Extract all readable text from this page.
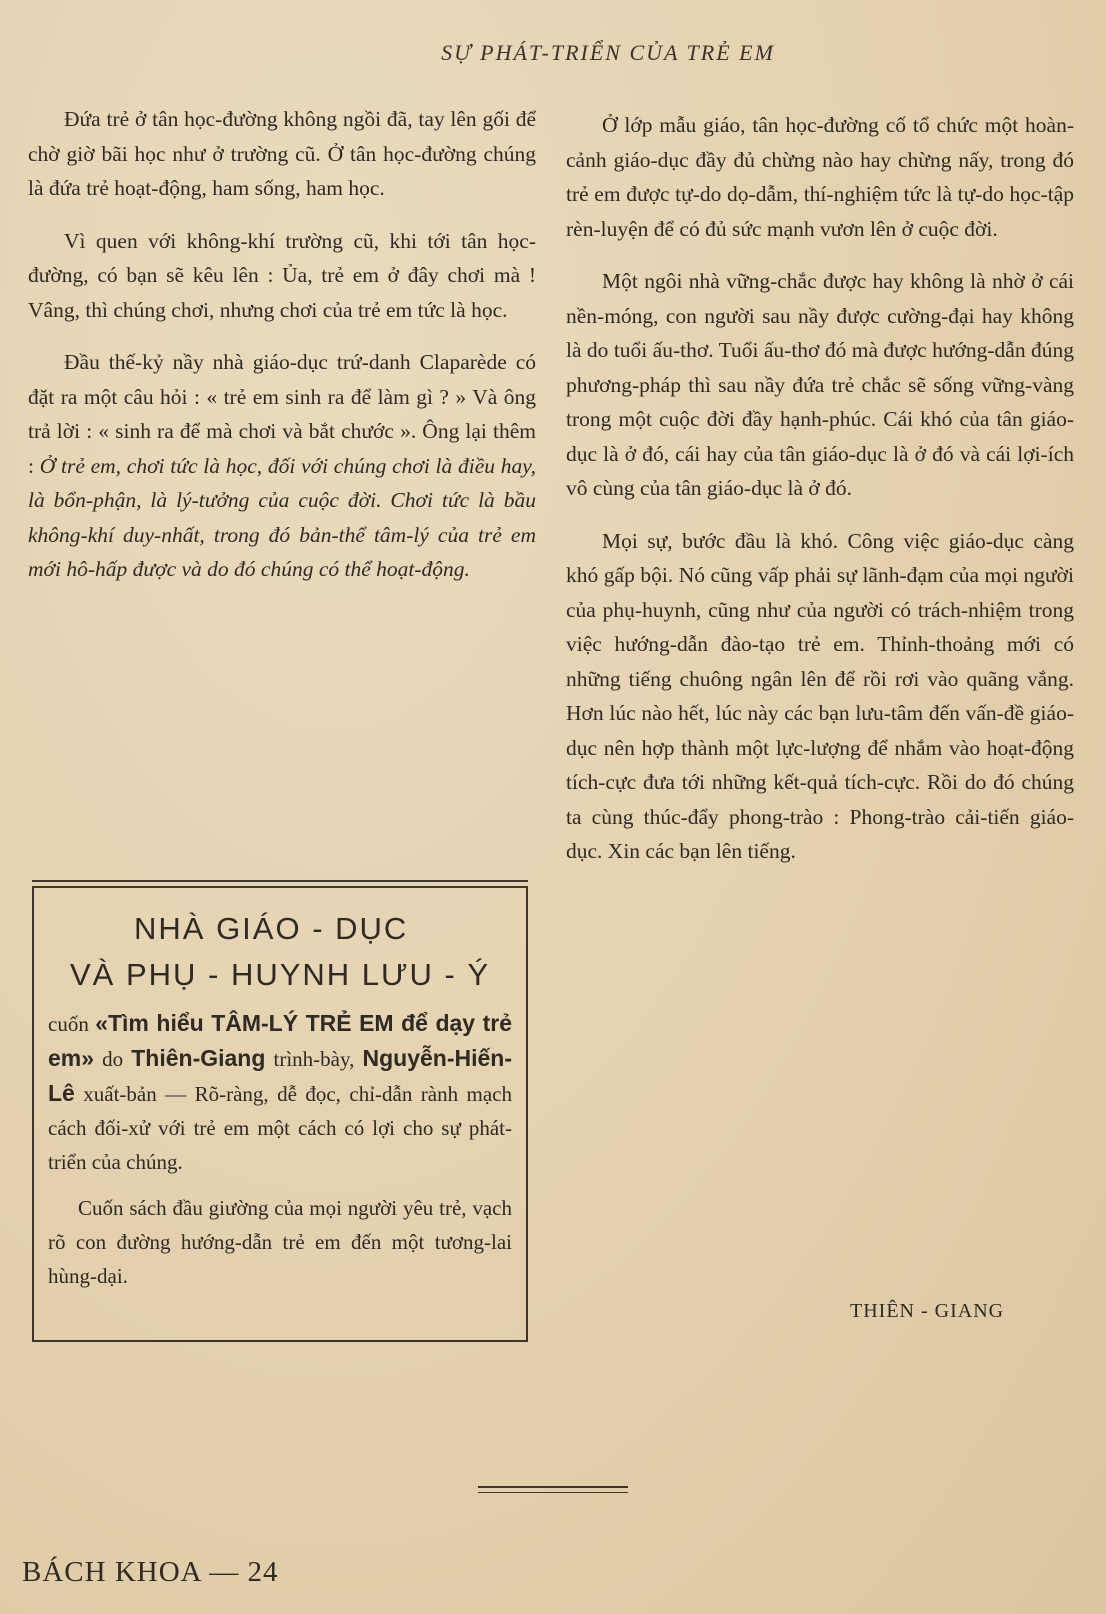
SỰ PHÁT-TRIỂN CỦA TRẺ EM

Đứa trẻ ở tân học-đường không ngồi đã, tay lên gối để chờ giờ bãi học như ở trường cũ. Ở tân học-đường chúng là đứa trẻ hoạt-động, ham sống, ham học.

Vì quen với không-khí trường cũ, khi tới tân học-đường, có bạn sẽ kêu lên : Ủa, trẻ em ở đây chơi mà ! Vâng, thì chúng chơi, nhưng chơi của trẻ em tức là học.

Đầu thế-kỷ nầy nhà giáo-dục trứ-danh Claparède có đặt ra một câu hỏi : « trẻ em sinh ra để làm gì ? » Và ông trả lời : « sinh ra để mà chơi và bắt chước ». Ông lại thêm : Ở trẻ em, chơi tức là học, đối với chúng chơi là điều hay, là bổn-phận, là lý-tưởng của cuộc đời. Chơi tức là bầu không-khí duy-nhất, trong đó bản-thể tâm-lý của trẻ em mới hô-hấp được và do đó chúng có thể hoạt-động.

NHÀ GIÁO - DỤC
VÀ PHỤ - HUYNH LƯU - Ý
cuốn «Tìm hiểu TÂM-LÝ TRẺ EM để dạy trẻ em» do Thiên-Giang trình-bày, Nguyễn-Hiến-Lê xuất-bản — Rõ-ràng, dễ đọc, chỉ-dẫn rành mạch cách đối-xử với trẻ em một cách có lợi cho sự phát-triển của chúng.
Cuốn sách đầu giường của mọi người yêu trẻ, vạch rõ con đường hướng-dẫn trẻ em đến một tương-lai hùng-dại.

Ở lớp mẫu giáo, tân học-đường cố tổ chức một hoàn-cảnh giáo-dục đầy đủ chừng nào hay chừng nấy, trong đó trẻ em được tự-do dọ-dẫm, thí-nghiệm tức là tự-do học-tập rèn-luyện để có đủ sức mạnh vươn lên ở cuộc đời.

Một ngôi nhà vững-chắc được hay không là nhờ ở cái nền-móng, con người sau nầy được cường-đại hay không là do tuổi ấu-thơ. Tuổi ấu-thơ đó mà được hướng-dẫn đúng phương-pháp thì sau nầy đứa trẻ chắc sẽ sống vững-vàng trong một cuộc đời đầy hạnh-phúc. Cái khó của tân giáo-dục là ở đó, cái hay của tân giáo-dục là ở đó và cái lợi-ích vô cùng của tân giáo-dục là ở đó.

Mọi sự, bước đầu là khó. Công việc giáo-dục càng khó gấp bội. Nó cũng vấp phải sự lãnh-đạm của mọi người của phụ-huynh, cũng như của người có trách-nhiệm trong việc hướng-dẫn đào-tạo trẻ em. Thỉnh-thoảng mới có những tiếng chuông ngân lên để rồi rơi vào quãng vắng. Hơn lúc nào hết, lúc này các bạn lưu-tâm đến vấn-đề giáo-dục nên hợp thành một lực-lượng để nhắm vào hoạt-động tích-cực đưa tới những kết-quả tích-cực. Rồi do đó chúng ta cùng thúc-đẩy phong-trào : Phong-trào cải-tiến giáo-dục. Xin các bạn lên tiếng.

THIÊN - GIANG
BÁCH KHOA — 24
